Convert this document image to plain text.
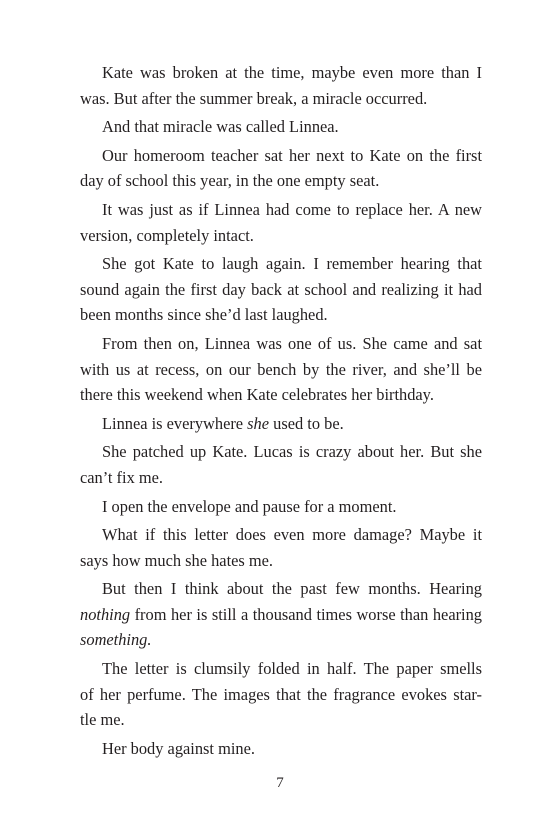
Kate was broken at the time, maybe even more than I
was. But after the summer break, a miracle occurred.

And that miracle was called Linnea.

Our homeroom teacher sat her next to Kate on the first
day of school this year, in the one empty seat.

It was just as if Linnea had come to replace her. A new
version, completely intact.

She got Kate to laugh again. I remember hearing that
sound again the first day back at school and realizing it had
been months since she’d last laughed.

From then on, Linnea was one of us. She came and sat
with us at recess, on our bench by the river, and she’ll be
there this weekend when Kate celebrates her birthday.

Linnea is everywhere she used to be.

She patched up Kate. Lucas is crazy about her. But she
can’t fix me.

I open the envelope and pause for a moment.

What if this letter does even more damage? Maybe it
says how much she hates me.

But then I think about the past few months. Hearing
nothing from her is still a thousand times worse than hearing
something.

The letter is clumsily folded in half. The paper smells
of her perfume. The images that the fragrance evokes star-
tle me.

Her body against mine.

7
